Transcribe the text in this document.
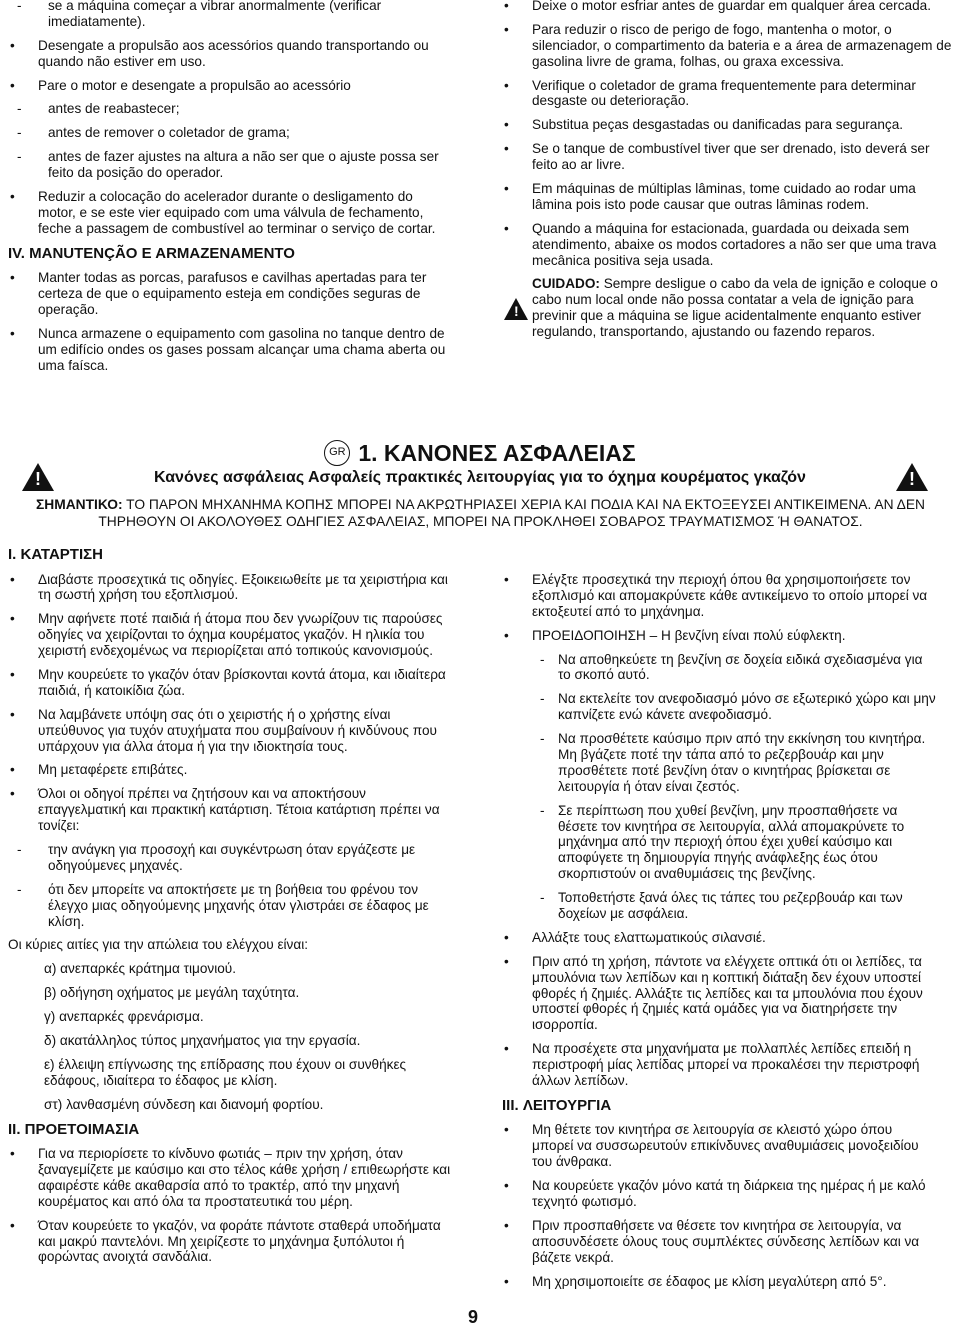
- se a máquina começar a vibrar anormalmente (verificar imediatamente).

• Desengate a propulsão aos acessórios quando transportando ou quando não estiver em uso.

• Pare o motor e desengate a propulsão ao acessório

- antes de reabastecer;

- antes de remover o coletador de grama;

- antes de fazer ajustes na altura a não ser que o ajuste possa ser feito da posição do operador.

• Reduzir a colocação do acelerador durante o desligamento do motor, e se este vier equipado com uma válvula de fechamento, feche a passagem de combustível ao terminar o serviço de cortar.

IV. MANUTENÇÃO E ARMAZENAMENTO

• Manter todas as porcas, parafusos e cavilhas apertadas para ter certeza de que o equipamento esteja em condições seguras de operação.

• Nunca armazene o equipamento com gasolina no tanque dentro de um edifício ondes os gases possam alcançar uma chama aberta ou uma faísca.

• Deixe o motor esfriar antes de guardar em qualquer área cercada.

• Para reduzir o risco de perigo de fogo, mantenha o motor, o silenciador, o compartimento da bateria e a área de armazenagem de gasolina livre de grama, folhas, ou graxa excessiva.

• Verifique o coletador de grama frequentemente para determinar desgaste ou deterioração.

• Substitua peças desgastadas ou danificadas para segurança.

• Se o tanque de combustível tiver que ser drenado, isto deverá ser feito ao ar livre.

• Em máquinas de múltiplas lâminas, tome cuidado ao rodar uma lâmina pois isto pode causar que outras lâminas rodem.

• Quando a máquina for estacionada, guardada ou deixada sem atendimento, abaixe os modos cortadores a não ser que uma trava mecânica positiva seja usada.

!

CUIDADO: Sempre desligue o cabo da vela de ignição e coloque o cabo num local onde não possa contatar a vela de ignição para previnir que a máquina se ligue acidentalmente enquanto estiver regulando, transportando, ajustando ou fazendo reparos.

GR 1. ΚΑΝΟΝΕΣ ΑΣΦΑΛΕΙΑΣ
!	!
Κανόνες ασφάλειας Ασφαλείς πρακτικές λειτουργίας για το όχημα κουρέματος γκαζόν

ΣΗΜΑΝΤΙΚΟ: ΤΟ ΠΑΡΟΝ ΜΗΧΑΝΗΜΑ ΚΟΠΗΣ ΜΠΟΡΕΙ ΝΑ ΑΚΡΩΤΗΡΙΑΣΕΙ ΧΕΡΙΑ ΚΑΙ ΠΟΔΙΑ ΚΑΙ ΝΑ ΕΚΤΟΞΕΥΣΕΙ ΑΝΤΙΚΕΙΜΕΝΑ. ΑΝ ΔΕΝ ΤΗΡΗΘΟΥΝ ΟΙ ΑΚΟΛΟΥΘΕΣ ΟΔΗΓΙΕΣ ΑΣΦΑΛΕΙΑΣ, ΜΠΟΡΕΙ ΝΑ ΠΡΟΚΛΗΘΕΙ ΣΟΒΑΡΟΣ ΤΡΑΥΜΑΤΙΣΜΟΣ Ή ΘΑΝΑΤΟΣ.

I. ΚΑΤΑΡΤΙΣΗ

• Διαβάστε προσεχτικά τις οδηγίες. Εξοικειωθείτε με τα χειριστήρια και τη σωστή χρήση του εξοπλισμού.

• Μην αφήνετε ποτέ παιδιά ή άτομα που δεν γνωρίζουν τις παρούσες οδηγίες να χειρίζονται το όχημα κουρέματος γκαζόν. Η ηλικία του χειριστή ενδεχομένως να περιορίζεται από τοπικούς κανονισμούς.

• Μην κουρεύετε το γκαζόν όταν βρίσκονται κοντά άτομα, και ιδιαίτερα παιδιά, ή κατοικίδια ζώα.

• Να λαμβάνετε υπόψη σας ότι ο χειριστής ή ο χρήστης είναι υπεύθυνος για τυχόν ατυχήματα που συμβαίνουν ή κινδύνους που υπάρχουν για άλλα άτομα ή για την ιδιοκτησία τους.

• Μη μεταφέρετε επιβάτες.

• Όλοι οι οδηγοί πρέπει να ζητήσουν και να αποκτήσουν επαγγελματική και πρακτική κατάρτιση. Τέτοια κατάρτιση πρέπει να τονίζει:

- την ανάγκη για προσοχή και συγκέντρωση όταν εργάζεστε με οδηγούμενες μηχανές.

- ότι δεν μπορείτε να αποκτήσετε με τη βοήθεια του φρένου τον έλεγχο μιας οδηγούμενης μηχανής όταν γλιστράει σε έδαφος με κλίση.

Οι κύριες αιτίες για την απώλεια του ελέγχου είναι:

α) ανεπαρκές κράτημα τιμονιού.

β) οδήγηση οχήματος με μεγάλη ταχύτητα.

γ) ανεπαρκές φρενάρισμα.

δ) ακατάλληλος τύπος μηχανήματος για την εργασία.

ε) έλλειψη επίγνωσης της επίδρασης που έχουν οι συνθήκες εδάφους, ιδιαίτερα το έδαφος με κλίση.

στ) λανθασμένη σύνδεση και διανομή φορτίου.

II. ΠΡΟΕΤΟΙΜΑΣΙΑ

• Για να περιορίσετε το κίνδυνο φωτιάς – πριν την χρήση, όταν ξαναγεμίζετε με καύσιμο και στο τέλος κάθε χρήση / επιθεωρήστε και αφαιρέστε κάθε ακαθαρσία από το τρακτέρ, από την μηχανή κουρέματος και από όλα τα προστατευτικά του μέρη.

• Όταν κουρεύετε το γκαζόν, να φοράτε πάντοτε σταθερά υποδήματα και μακρύ παντελόνι. Μη χειρίζεστε το μηχάνημα ξυπόλυτοι ή φορώντας ανοιχτά σανδάλια.

• Ελέγξτε προσεχτικά την περιοχή όπου θα χρησιμοποιήσετε τον εξοπλισμό και απομακρύνετε κάθε αντικείμενο το οποίο μπορεί να εκτοξευτεί από το μηχάνημα.

• ΠΡΟΕΙΔΟΠΟΙΗΣΗ – Η βενζίνη είναι πολύ εύφλεκτη.

- Να αποθηκεύετε τη βενζίνη σε δοχεία ειδικά σχεδιασμένα για το σκοπό αυτό.

- Να εκτελείτε τον ανεφοδιασμό μόνο σε εξωτερικό χώρο και μην καπνίζετε ενώ κάνετε ανεφοδιασμό.

- Να προσθέτετε καύσιμο πριν από την εκκίνηση του κινητήρα. Μη βγάζετε ποτέ την τάπα από το ρεζερβουάρ και μην προσθέτετε ποτέ βενζίνη όταν ο κινητήρας βρίσκεται σε λειτουργία ή όταν είναι ζεστός.

- Σε περίπτωση που χυθεί βενζίνη, μην προσπαθήσετε να θέσετε τον κινητήρα σε λειτουργία, αλλά απομακρύνετε το μηχάνημα από την περιοχή όπου έχει χυθεί καύσιμο και αποφύγετε τη δημιουργία πηγής ανάφλεξης έως ότου σκορπιστούν οι αναθυμιάσεις της βενζίνης.

- Τοποθετήστε ξανά όλες τις τάπες του ρεζερβουάρ και των δοχείων με ασφάλεια.

• Αλλάξτε τους ελαττωματικούς σιλανσιέ.

• Πριν από τη χρήση, πάντοτε να ελέγχετε οπτικά ότι οι λεπίδες, τα μπουλόνια των λεπίδων και η κοπτική διάταξη δεν έχουν υποστεί φθορές ή ζημιές. Αλλάξτε τις λεπίδες και τα μπουλόνια που έχουν υποστεί φθορές ή ζημιές κατά ομάδες για να διατηρήσετε την ισορροπία.

• Να προσέχετε στα μηχανήματα με πολλαπλές λεπίδες επειδή η περιστροφή μίας λεπίδας μπορεί να προκαλέσει την περιστροφή άλλων λεπίδων.

III. ΛΕΙΤΟΥΡΓΙΑ

• Μη θέτετε τον κινητήρα σε λειτουργία σε κλειστό χώρο όπου μπορεί να συσσωρευτούν επικίνδυνες αναθυμιάσεις μονοξειδίου του άνθρακα.

• Να κουρεύετε γκαζόν μόνο κατά τη διάρκεια της ημέρας ή με καλό τεχνητό φωτισμό.

• Πριν προσπαθήσετε να θέσετε τον κινητήρα σε λειτουργία, να αποσυνδέσετε όλους τους συμπλέκτες σύνδεσης λεπίδων και να βάζετε νεκρά.

• Μη χρησιμοποιείτε σε έδαφος με κλίση μεγαλύτερη από 5°.

9
